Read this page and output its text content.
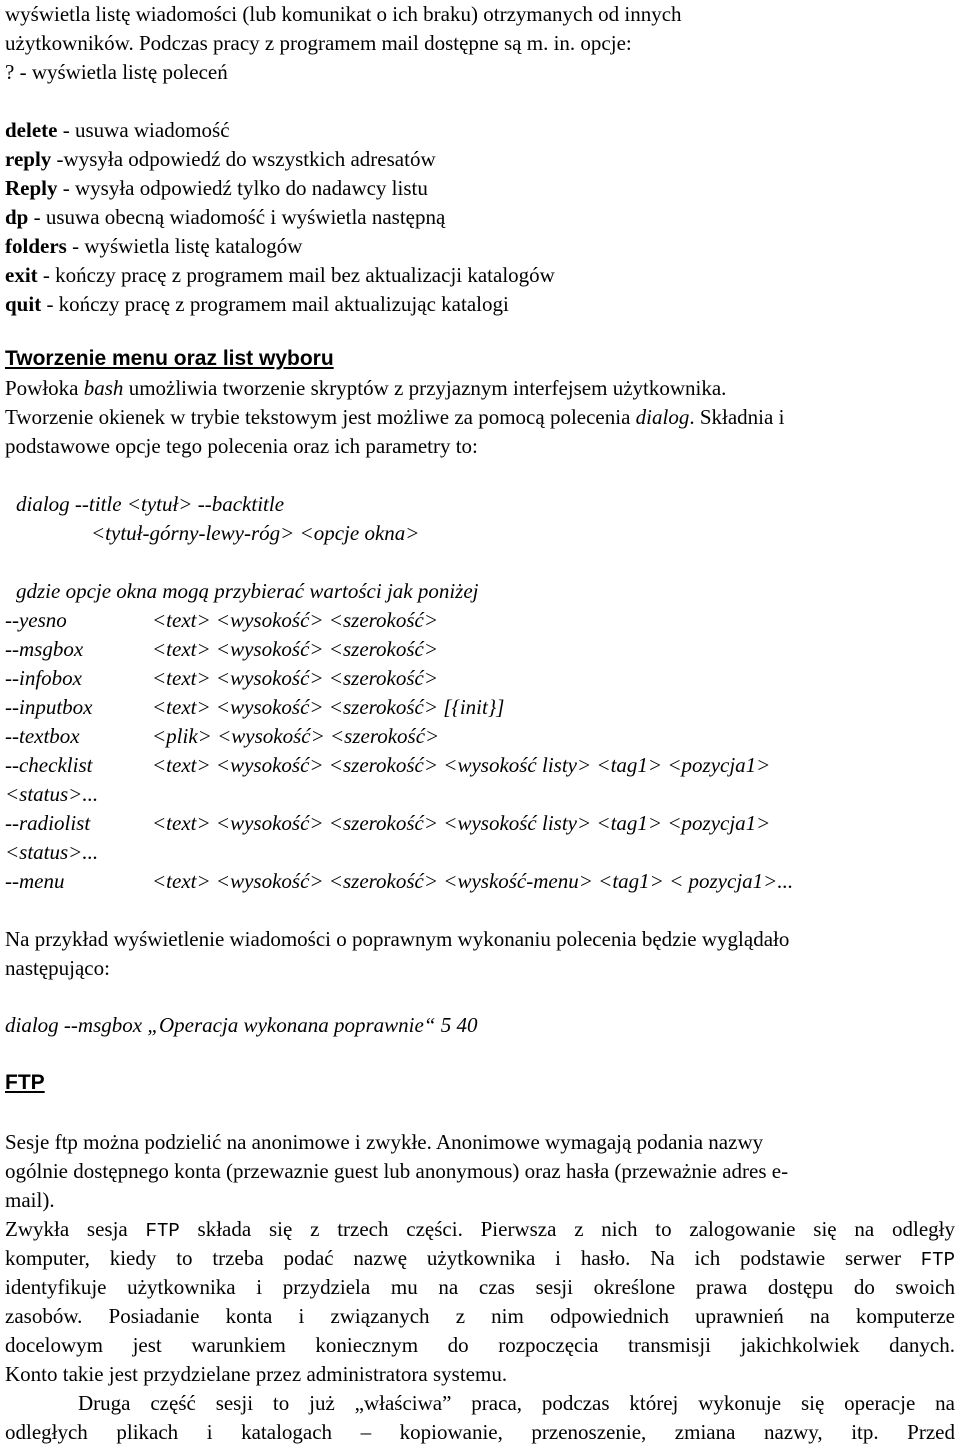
wyświetla listę wiadomości (lub komunikat o ich braku) otrzymanych od innych
użytkowników. Podczas pracy z programem mail dostępne są m. in. opcje:
? - wyświetla listę poleceń
delete - usuwa wiadomość
reply -wysyła odpowiedź do wszystkich adresatów
Reply - wysyła odpowiedź tylko do nadawcy listu
dp - usuwa obecną wiadomość i wyświetla następną
folders - wyświetla listę katalogów
exit - kończy pracę z programem mail bez aktualizacji katalogów
quit - kończy pracę z programem mail aktualizując katalogi
Tworzenie menu oraz list wyboru
Powłoka bash umożliwia tworzenie skryptów z przyjaznym interfejsem użytkownika.
Tworzenie okienek w trybie tekstowym jest możliwe za pomocą polecenia dialog. Składnia i
podstawowe opcje tego polecenia oraz ich parametry to:
dialog --title <tytuł> --backtitle
<tytuł-górny-lewy-róg> <opcje okna>
gdzie opcje okna mogą przybierać wartości jak poniżej
--yesno	<text> <wysokość> <szerokość>
--msgbox	<text> <wysokość> <szerokość>
--infobox	<text> <wysokość> <szerokość>
--inputbox	<text> <wysokość> <szerokość> [{init}]
--textbox	<plik> <wysokość> <szerokość>
--checklist	<text> <wysokość> <szerokość> <wysokość listy> <tag1> <pozycja1>
<status>...
--radiolist	<text> <wysokość> <szerokość> <wysokość listy> <tag1> <pozycja1>
<status>...
--menu	<text> <wysokość> <szerokość> <wyskość-menu> <tag1> < pozycja1>...
Na przykład wyświetlenie wiadomości o poprawnym wykonaniu polecenia będzie wyglądało
następująco:
dialog --msgbox „Operacja wykonana poprawnie“ 5 40
FTP
Sesje ftp można podzielić na anonimowe i zwykłe. Anonimowe wymagają podania nazwy
ogólnie dostępnego konta (przewaznie guest lub anonymous) oraz hasła (przeważnie adres e-
mail).
Zwykła sesja FTP składa się z trzech części. Pierwsza z nich to zalogowanie się na odległy
komputer, kiedy to trzeba podać nazwę użytkownika i hasło. Na ich podstawie serwer FTP
identyfikuje użytkownika i przydziela mu na czas sesji określone prawa dostępu do swoich
zasobów. Posiadanie konta i związanych z nim odpowiednich uprawnień na komputerze
docelowym jest warunkiem koniecznym do rozpoczęcia transmisji jakichkolwiek danych.
Konto takie jest przydzielane przez administratora systemu.
Druga część sesji to już „właściwa” praca, podczas której wykonuje się operacje na
odległych plikach i katalogach – kopiowanie, przenoszenie, zmiana nazwy, itp. Przed
